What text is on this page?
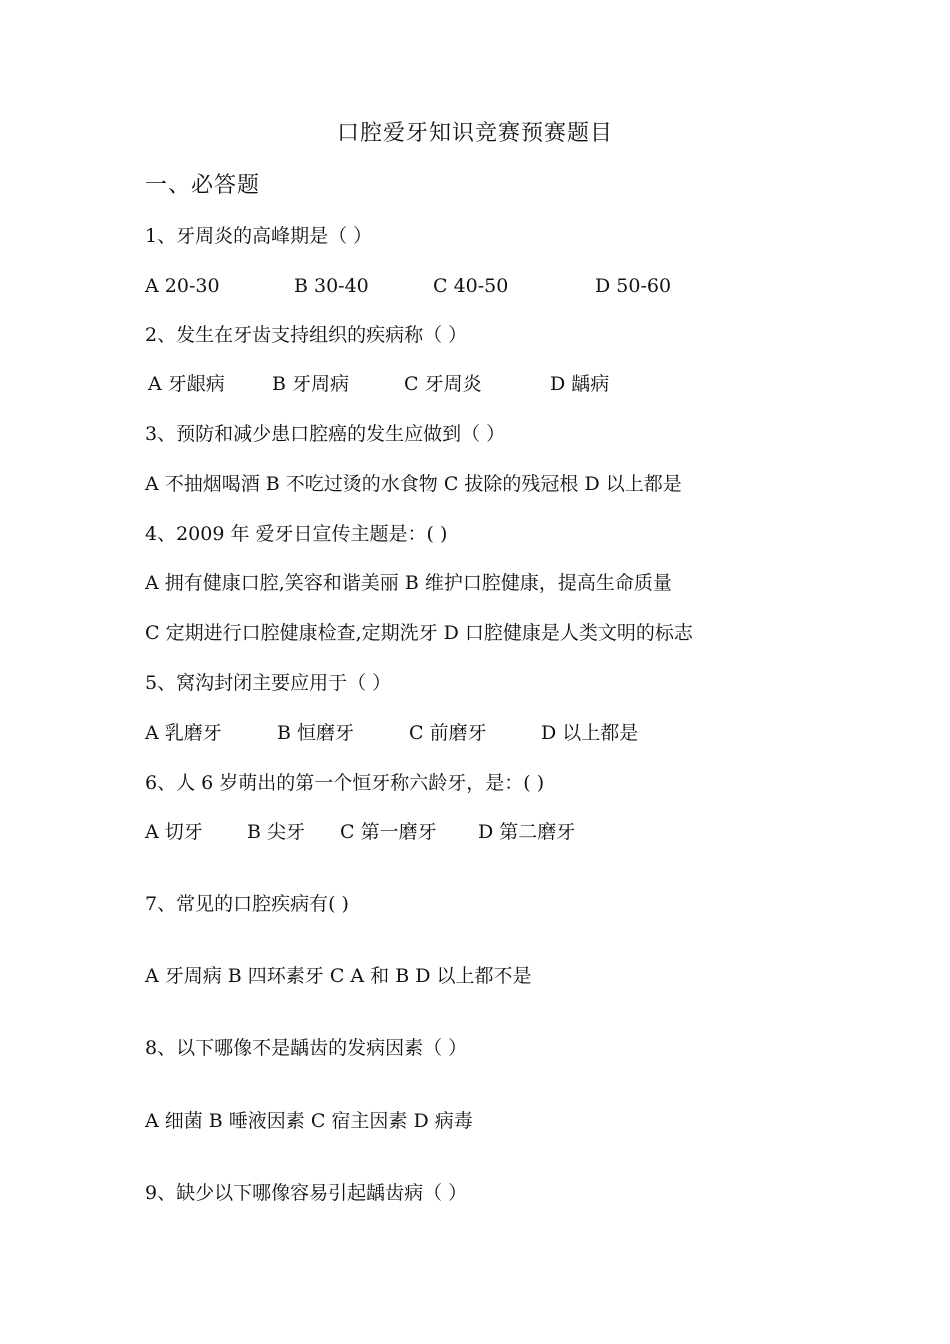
口腔爱牙知识竞赛预赛题目
一、必答题
1、牙周炎的高峰期是（ ）
A 20-30	B 30-40	C 40-50	D 50-60
2、发生在牙齿支持组织的疾病称（ ）
A 牙龈病 B 牙周病	C 牙周炎	D 龋病
3、预防和减少患口腔癌的发生应做到（ ）
A 不抽烟喝酒 B 不吃过烫的水食物 C 拔除的残冠根 D 以上都是
4、2009 年 爱牙日宣传主题是：( )
A 拥有健康口腔,笑容和谐美丽 B 维护口腔健康，提高生命质量
C 定期进行口腔健康检查,定期洗牙 D 口腔健康是人类文明的标志
5、窝沟封闭主要应用于（ ）
A 乳磨牙	B 恒磨牙	C 前磨牙	D 以上都是
6、人 6 岁萌出的第一个恒牙称六龄牙，是：( )
A 切牙 B 尖牙 C 第一磨牙 D 第二磨牙
7、常见的口腔疾病有( )
A 牙周病 B 四环素牙 C A 和 B D 以上都不是
8、以下哪像不是龋齿的发病因素（ ）
A 细菌 B 唾液因素 C 宿主因素 D 病毒
9、缺少以下哪像容易引起龋齿病（ ）
